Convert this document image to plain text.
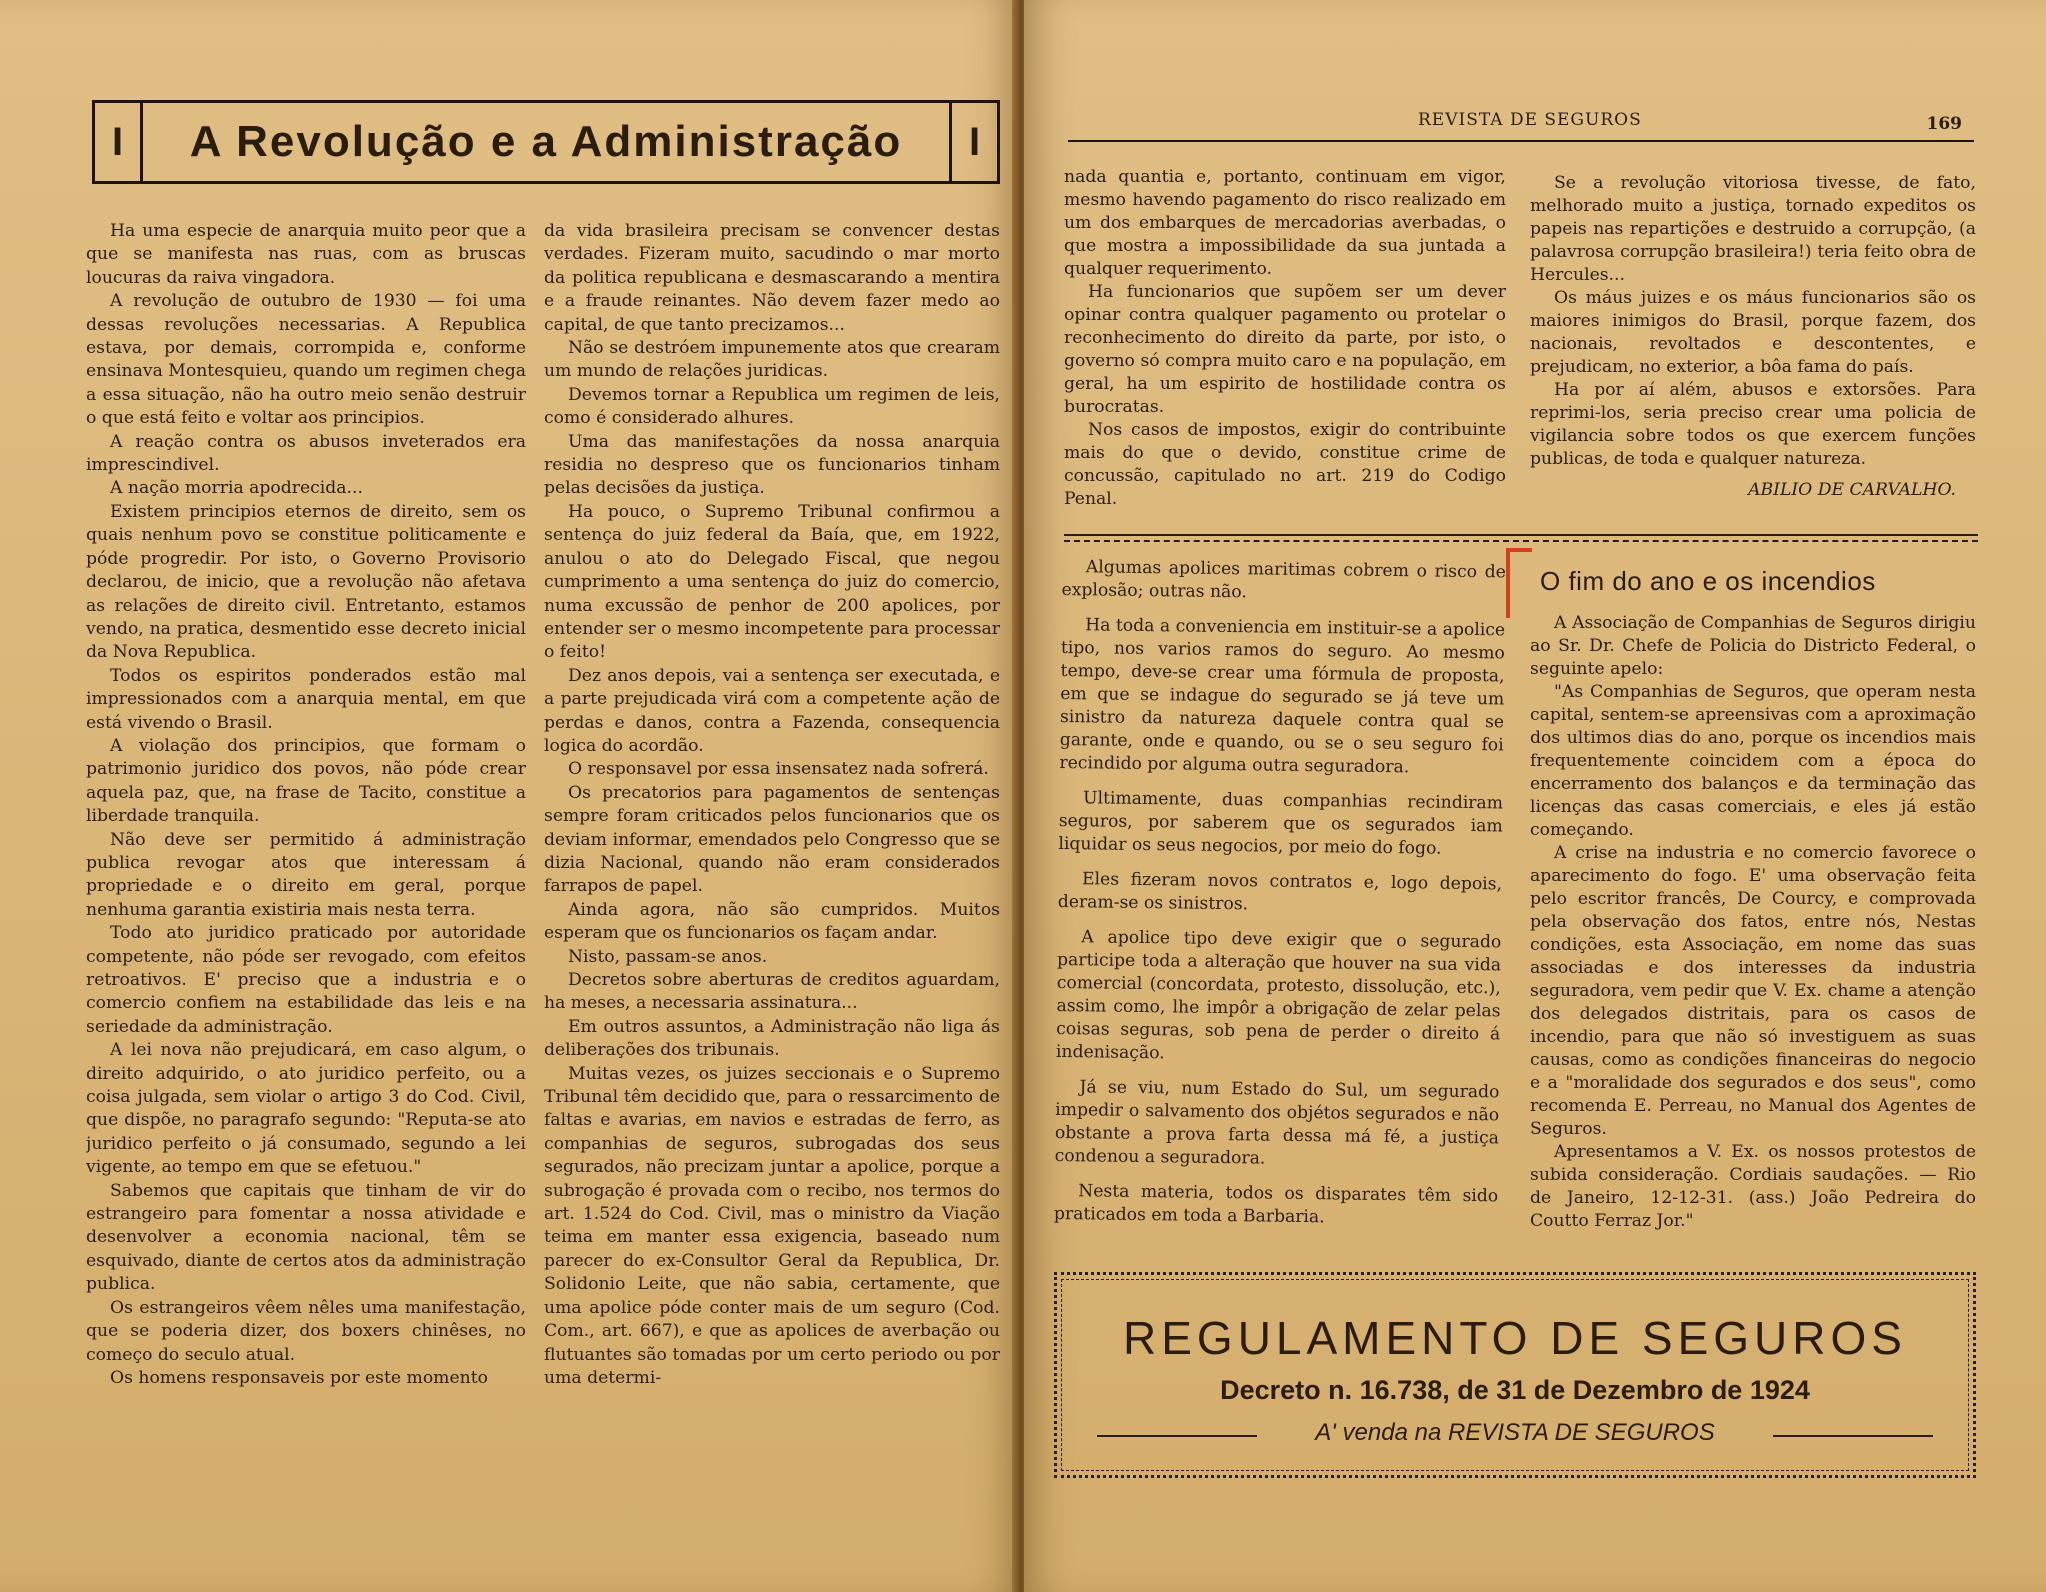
I	A Revolução e a Administração	I

Ha uma especie de anarquia muito peor que a que se manifesta nas ruas, com as bruscas loucuras da raiva vingadora.

A revolução de outubro de 1930 — foi uma dessas revoluções necessarias. A Republica estava, por demais, corrompida e, conforme ensinava Montesquieu, quando um regimen chega a essa situação, não ha outro meio senão destruir o que está feito e voltar aos principios.

A reação contra os abusos inveterados era imprescindivel.

A nação morria apodrecida...

Existem principios eternos de direito, sem os quais nenhum povo se constitue politicamente e póde progredir. Por isto, o Governo Provisorio declarou, de inicio, que a revolução não afetava as relações de direito civil. Entretanto, estamos vendo, na pratica, desmentido esse decreto inicial da Nova Republica.

Todos os espiritos ponderados estão mal impressionados com a anarquia mental, em que está vivendo o Brasil.

A violação dos principios, que formam o patrimonio juridico dos povos, não póde crear aquela paz, que, na frase de Tacito, constitue a liberdade tranquila.

Não deve ser permitido á administração publica revogar atos que interessam á propriedade e o direito em geral, porque nenhuma garantia existiria mais nesta terra.

Todo ato juridico praticado por autoridade competente, não póde ser revogado, com efeitos retroativos. E' preciso que a industria e o comercio confiem na estabilidade das leis e na seriedade da administração.

A lei nova não prejudicará, em caso algum, o direito adquirido, o ato juridico perfeito, ou a coisa julgada, sem violar o artigo 3 do Cod. Civil, que dispõe, no paragrafo segundo: "Reputa-se ato juridico perfeito o já consumado, segundo a lei vigente, ao tempo em que se efetuou."

Sabemos que capitais que tinham de vir do estrangeiro para fomentar a nossa atividade e desenvolver a economia nacional, têm se esquivado, diante de certos atos da administração publica.

Os estrangeiros vêem nêles uma manifestação, que se poderia dizer, dos boxers chinêses, no começo do seculo atual.

Os homens responsaveis por este momento

da vida brasileira precisam se convencer destas verdades. Fizeram muito, sacudindo o mar morto da politica republicana e desmascarando a mentira e a fraude reinantes. Não devem fazer medo ao capital, de que tanto precizamos...

Não se destróem impunemente atos que crearam um mundo de relações juridicas.

Devemos tornar a Republica um regimen de leis, como é considerado alhures.

Uma das manifestações da nossa anarquia residia no despreso que os funcionarios tinham pelas decisões da justiça.

Ha pouco, o Supremo Tribunal confirmou a sentença do juiz federal da Baía, que, em 1922, anulou o ato do Delegado Fiscal, que negou cumprimento a uma sentença do juiz do comercio, numa excussão de penhor de 200 apolices, por entender ser o mesmo incompetente para processar o feito!

Dez anos depois, vai a sentença ser executada, e a parte prejudicada virá com a competente ação de perdas e danos, contra a Fazenda, consequencia logica do acordão.

O responsavel por essa insensatez nada sofrerá.

Os precatorios para pagamentos de sentenças sempre foram criticados pelos funcionarios que os deviam informar, emendados pelo Congresso que se dizia Nacional, quando não eram considerados farrapos de papel.

Ainda agora, não são cumpridos. Muitos esperam que os funcionarios os façam andar.

Nisto, passam-se anos.

Decretos sobre aberturas de creditos aguardam, ha meses, a necessaria assinatura...

Em outros assuntos, a Administração não liga ás deliberações dos tribunais.

Muitas vezes, os juizes seccionais e o Supremo Tribunal têm decidido que, para o ressarcimento de faltas e avarias, em navios e estradas de ferro, as companhias de seguros, subrogadas dos seus segurados, não precizam juntar a apolice, porque a subrogação é provada com o recibo, nos termos do art. 1.524 do Cod. Civil, mas o ministro da Viação teima em manter essa exigencia, baseado num parecer do ex-Consultor Geral da Republica, Dr. Solidonio Leite, que não sabia, certamente, que uma apolice póde conter mais de um seguro (Cod. Com., art. 667), e que as apolices de averbação ou flutuantes são tomadas por um certo periodo ou por uma determi-

REVISTA DE SEGUROS	169

nada quantia e, portanto, continuam em vigor, mesmo havendo pagamento do risco realizado em um dos embarques de mercadorias averbadas, o que mostra a impossibilidade da sua juntada a qualquer requerimento.

Ha funcionarios que supõem ser um dever opinar contra qualquer pagamento ou protelar o reconhecimento do direito da parte, por isto, o governo só compra muito caro e na população, em geral, ha um espirito de hostilidade contra os burocratas.

Nos casos de impostos, exigir do contribuinte mais do que o devido, constitue crime de concussão, capitulado no art. 219 do Codigo Penal.

Se a revolução vitoriosa tivesse, de fato, melhorado muito a justiça, tornado expeditos os papeis nas repartições e destruido a corrupção, (a palavrosa corrupção brasileira!) teria feito obra de Hercules...

Os máus juizes e os máus funcionarios são os maiores inimigos do Brasil, porque fazem, dos nacionais, revoltados e descontentes, e prejudicam, no exterior, a bôa fama do país.

Ha por aí além, abusos e extorsões. Para reprimi-los, seria preciso crear uma policia de vigilancia sobre todos os que exercem funções publicas, de toda e qualquer natureza.

ABILIO DE CARVALHO.

Algumas apolices maritimas cobrem o risco de explosão; outras não.

Ha toda a conveniencia em instituir-se a apolice tipo, nos varios ramos do seguro. Ao mesmo tempo, deve-se crear uma fórmula de proposta, em que se indague do segurado se já teve um sinistro da natureza daquele contra qual se garante, onde e quando, ou se o seu seguro foi recindido por alguma outra seguradora.

Ultimamente, duas companhias recindiram seguros, por saberem que os segurados iam liquidar os seus negocios, por meio do fogo.

Eles fizeram novos contratos e, logo depois, deram-se os sinistros.

A apolice tipo deve exigir que o segurado participe toda a alteração que houver na sua vida comercial (concordata, protesto, dissolução, etc.), assim como, lhe impôr a obrigação de zelar pelas coisas seguras, sob pena de perder o direito á indenisação.

Já se viu, num Estado do Sul, um segurado impedir o salvamento dos objétos segurados e não obstante a prova farta dessa má fé, a justiça condenou a seguradora.

Nesta materia, todos os disparates têm sido praticados em toda a Barbaria.

O fim do ano e os incendios

A Associação de Companhias de Seguros dirigiu ao Sr. Dr. Chefe de Policia do Districto Federal, o seguinte apelo:

"As Companhias de Seguros, que operam nesta capital, sentem-se apreensivas com a aproximação dos ultimos dias do ano, porque os incendios mais frequentemente coincidem com a época do encerramento dos balanços e da terminação das licenças das casas comerciais, e eles já estão começando.

A crise na industria e no comercio favorece o aparecimento do fogo. E' uma observação feita pelo escritor francês, De Courcy, e comprovada pela observação dos fatos, entre nós, Nestas condições, esta Associação, em nome das suas associadas e dos interesses da industria seguradora, vem pedir que V. Ex. chame a atenção dos delegados distritais, para os casos de incendio, para que não só investiguem as suas causas, como as condições financeiras do negocio e a "moralidade dos segurados e dos seus", como recomenda E. Perreau, no Manual dos Agentes de Seguros.

Apresentamos a V. Ex. os nossos protestos de subida consideração. Cordiais saudações. — Rio de Janeiro, 12-12-31. (ass.) João Pedreira do Coutto Ferraz Jor."

REGULAMENTO DE SEGUROS
Decreto n. 16.738, de 31 de Dezembro de 1924
A' venda na REVISTA DE SEGUROS
